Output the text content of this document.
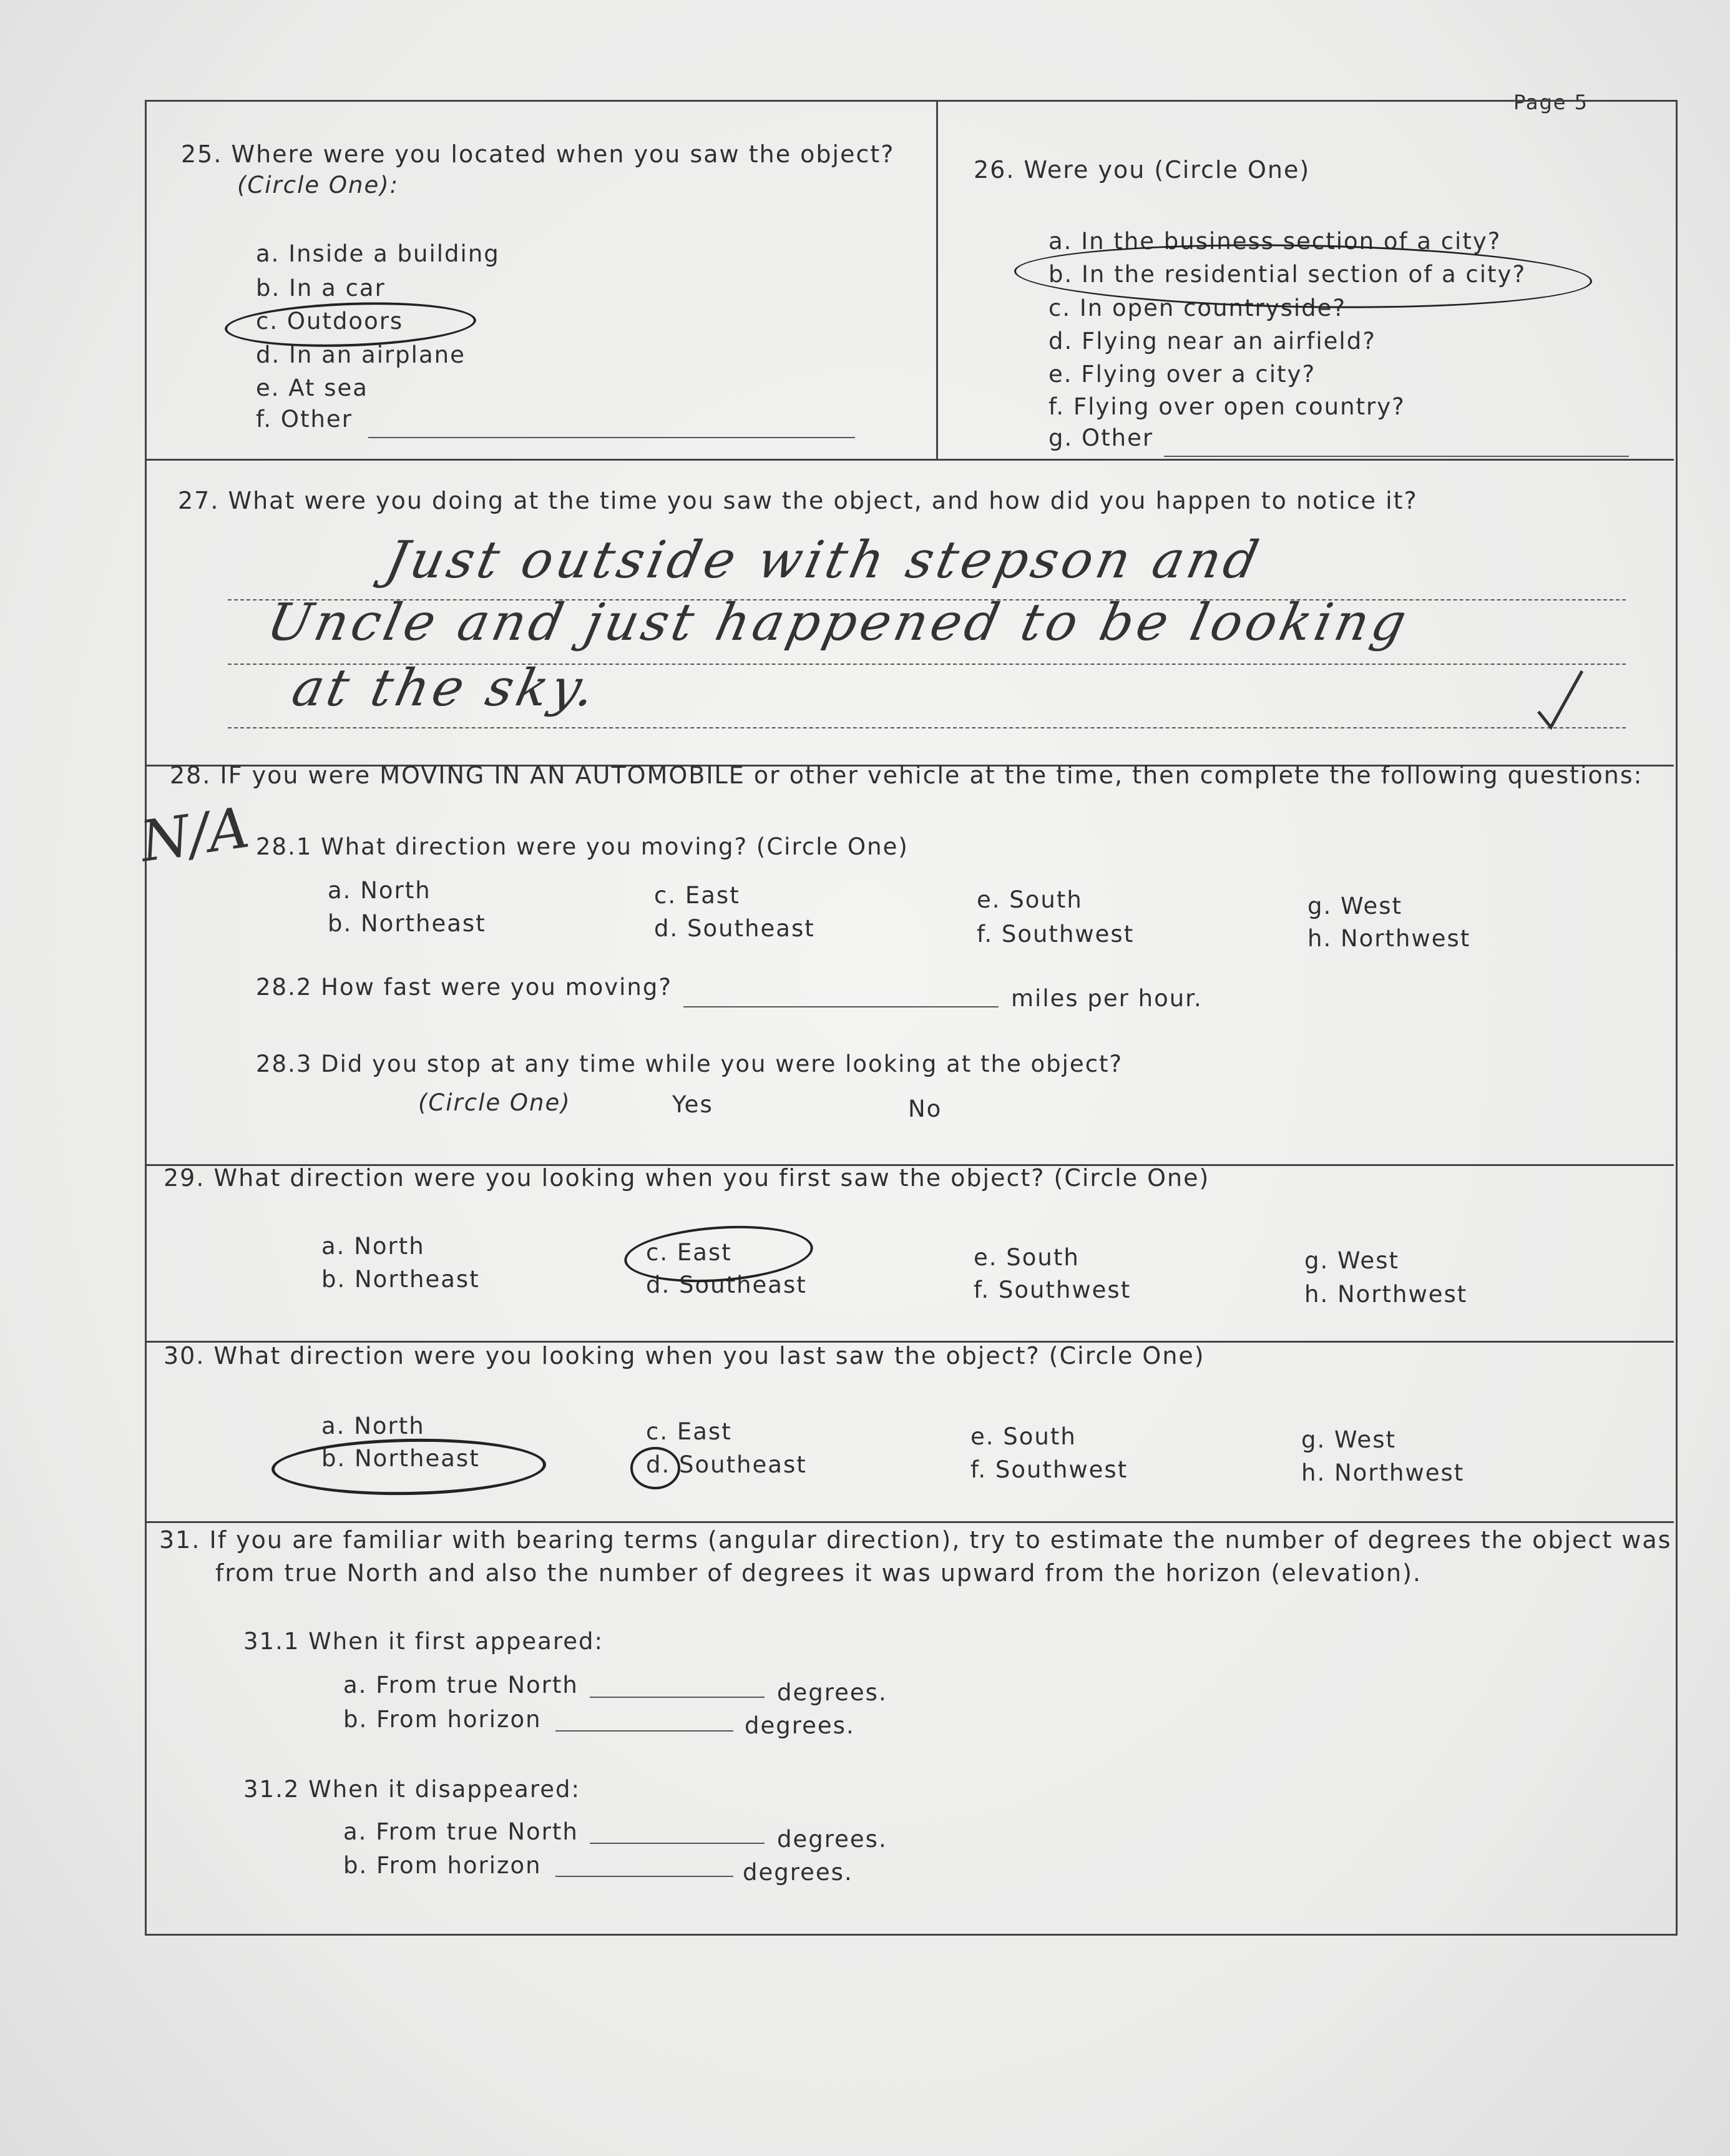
Page 5
25. Where were you located when you saw the object?
(Circle One):
a. Inside a building
b. In a car
c. Outdoors
d. In an airplane
e. At sea
f. Other
26. Were you (Circle One)
a. In the business section of a city?
b. In the residential section of a city?
c. In open countryside?
d. Flying near an airfield?
e. Flying over a city?
f. Flying over open country?
g. Other
27. What were you doing at the time you saw the object, and how did you happen to notice it?
Just outside with stepson and
Uncle and just happened to be looking
at the sky.
28. IF you were MOVING IN AN AUTOMOBILE or other vehicle at the time, then complete the following questions:
N/A 28.1 What direction were you moving? (Circle One)
a. North
b. Northeast
c. East
d. Southeast
e. South
f. Southwest
g. West
h. Northwest
28.2 How fast were you moving?	miles per hour.
28.3 Did you stop at any time while you were looking at the object?
(Circle One)	Yes	No
29. What direction were you looking when you first saw the object? (Circle One)
a. North
b. Northeast
c. East
d. Southeast
e. South
f. Southwest
g. West
h. Northwest
30. What direction were you looking when you last saw the object? (Circle One)
a. North
b. Northeast
c. East
d. Southeast
e. South
f. Southwest
g. West
h. Northwest
31. If you are familiar with bearing terms (angular direction), try to estimate the number of degrees the object was
from true North and also the number of degrees it was upward from the horizon (elevation).
31.1 When it first appeared:
a. From true North	degrees.
b. From horizon	degrees.
31.2 When it disappeared:
a. From true North	degrees.
b. From horizon	degrees.
